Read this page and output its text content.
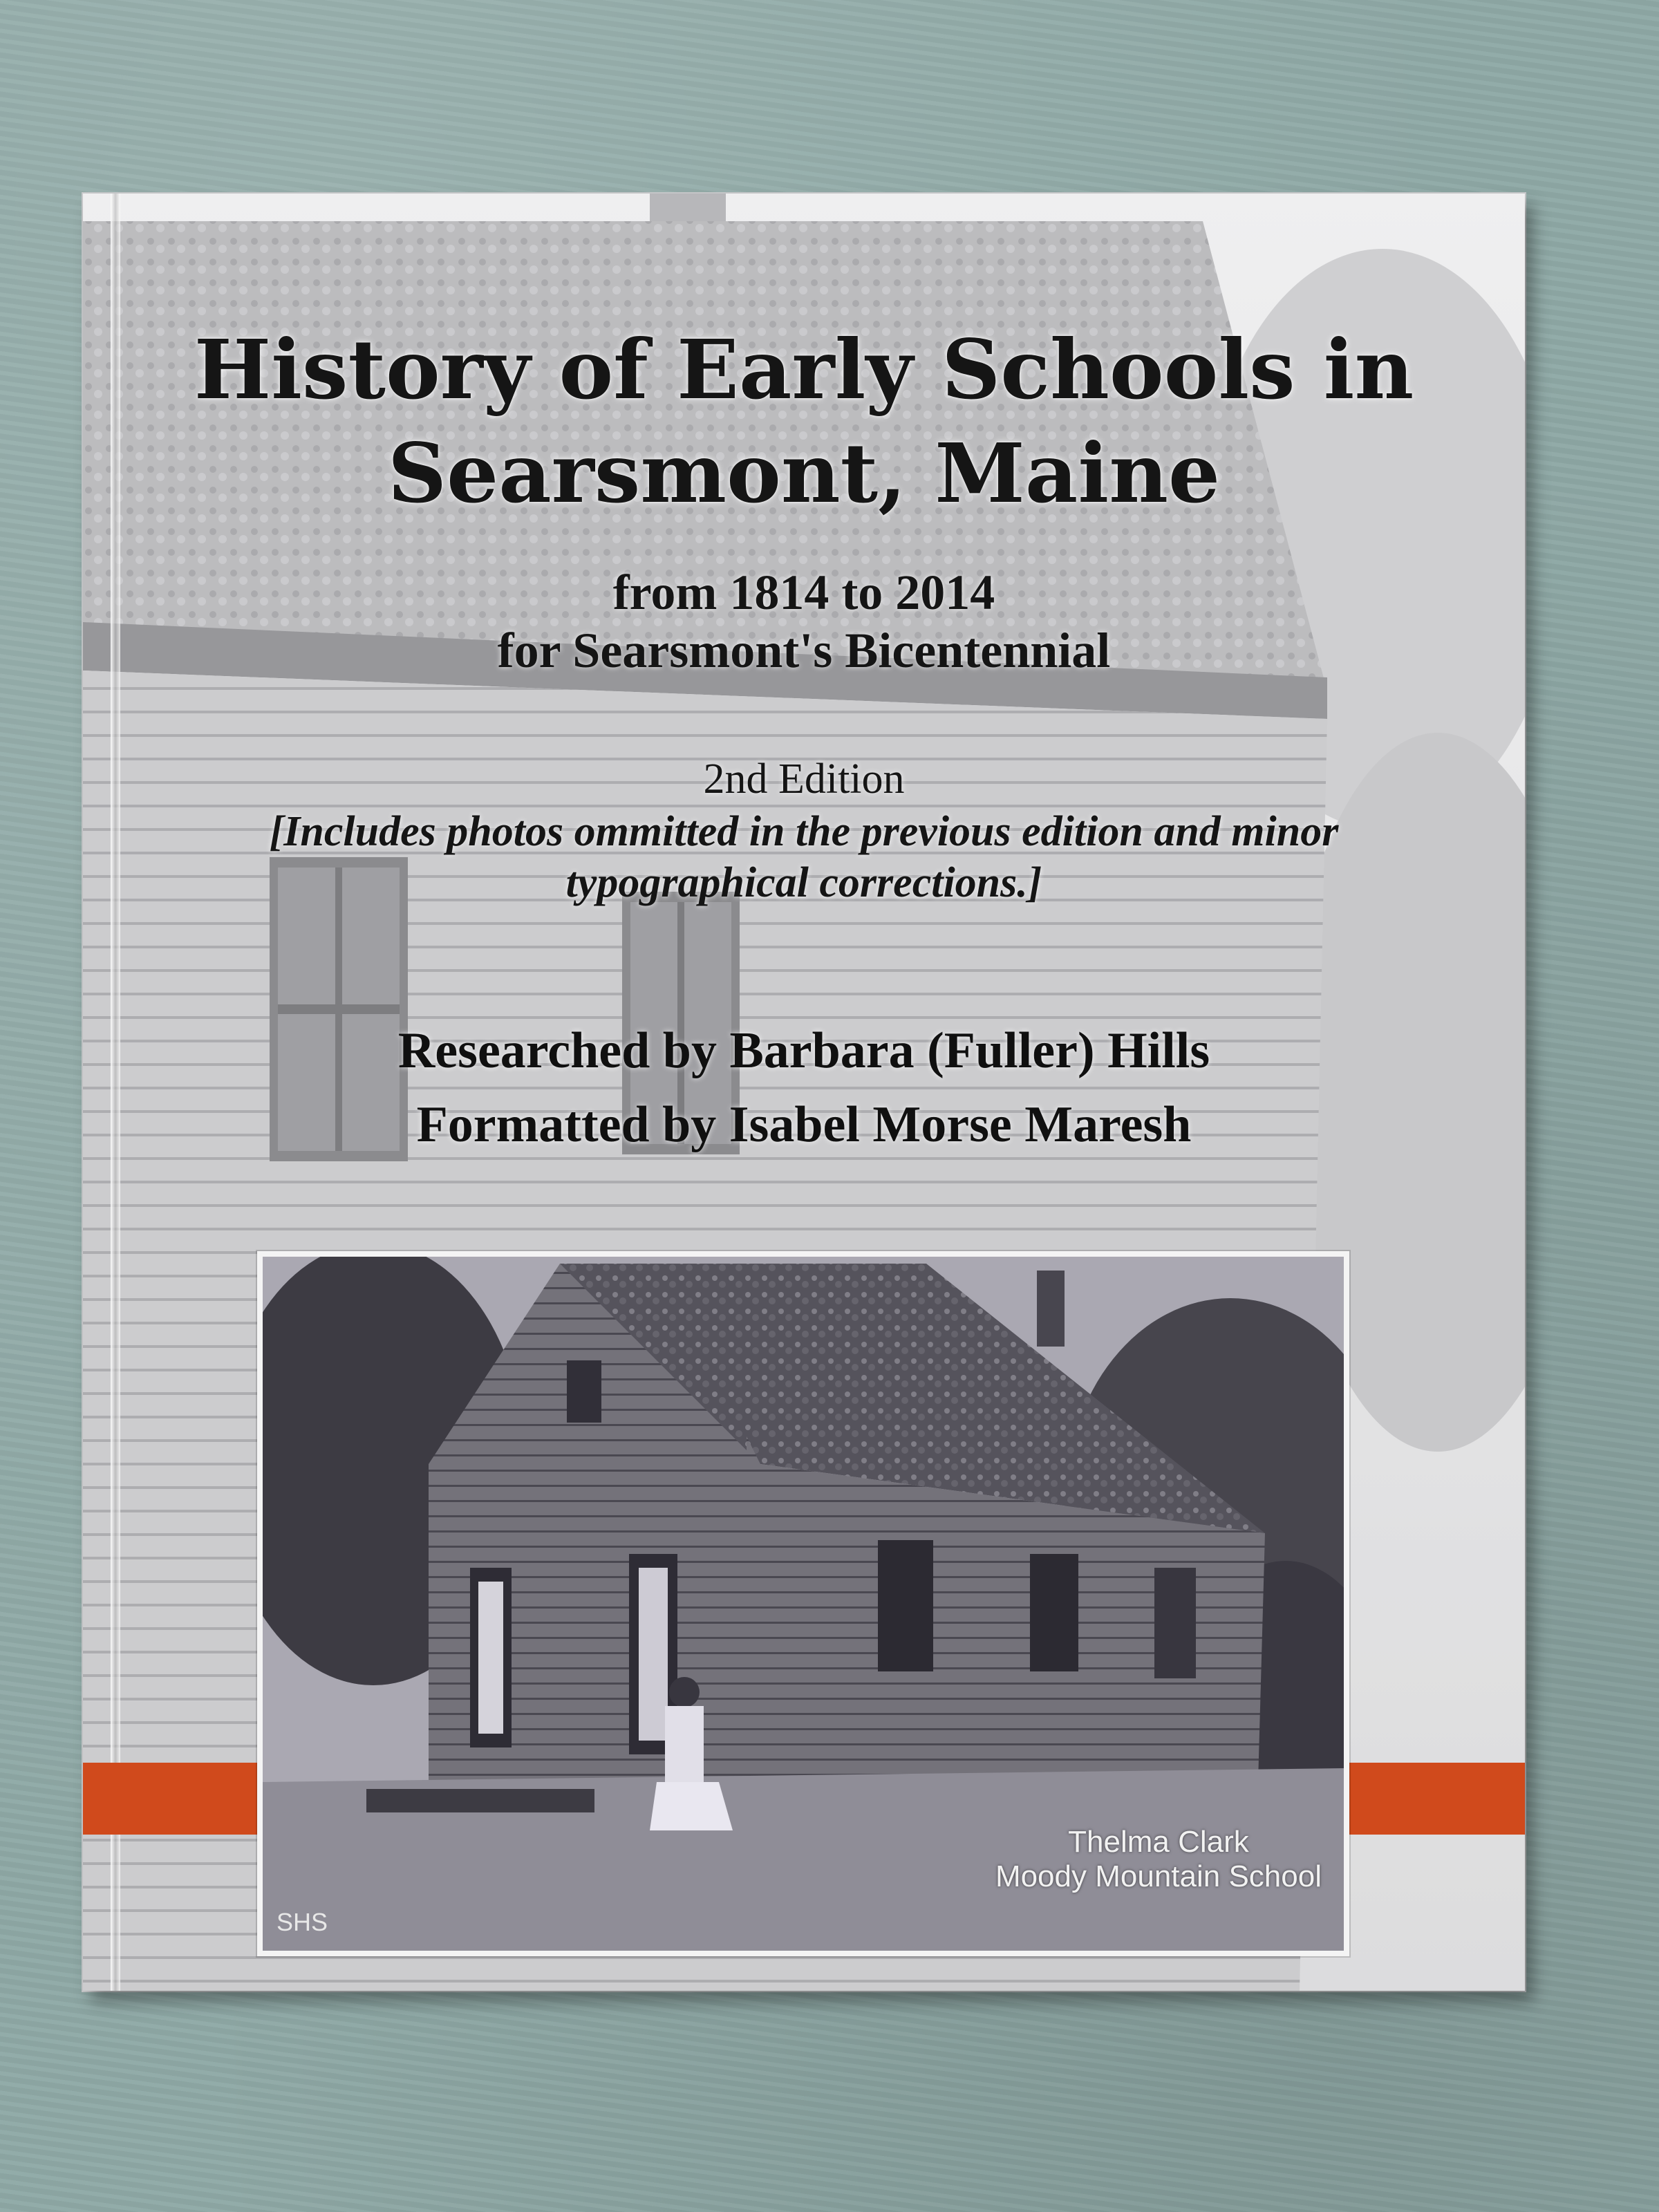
History of Early Schools in
Searsmont, Maine
from 1814 to 2014
for Searsmont's Bicentennial
2nd Edition
[Includes photos ommitted in the previous edition and minor
typographical corrections.]
Researched by Barbara (Fuller) Hills
Formatted by Isabel Morse Maresh
Thelma Clark
Moody Mountain School
SHS
